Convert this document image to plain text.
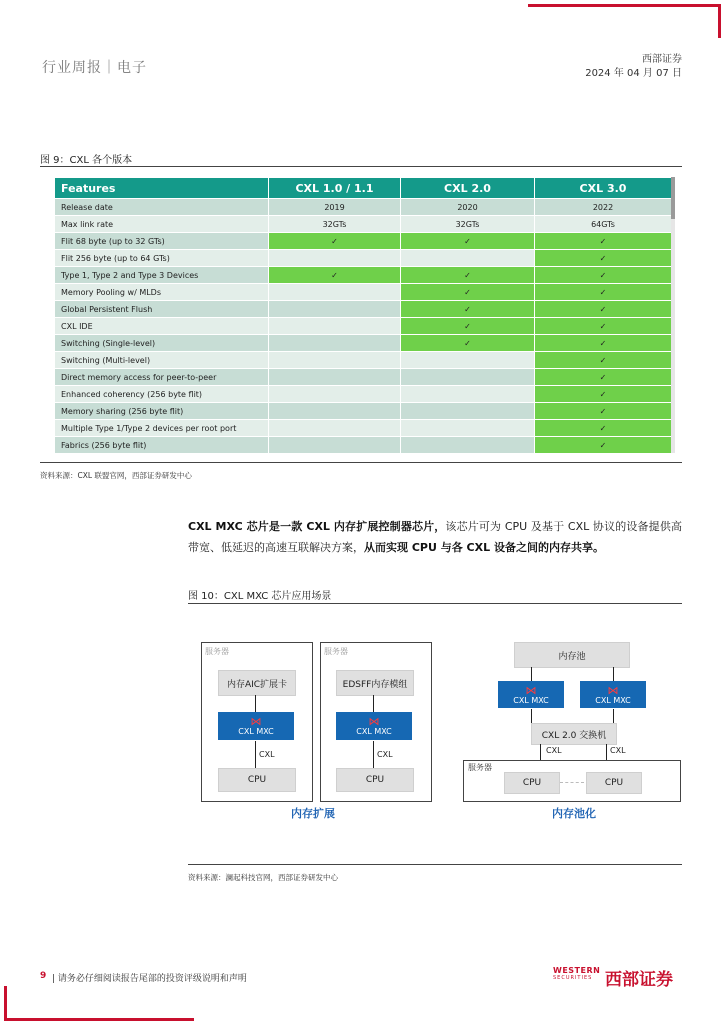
行业周报｜电子
西部证券
2024 年 04 月 07 日
图 9：CXL 各个版本
Features	CXL 1.0 / 1.1	CXL 2.0	CXL 3.0
Release date	2019	2020	2022
Max link rate	32GTs	32GTs	64GTs
Flit 68 byte (up to 32 GTs)	✓	✓	✓
Flit 256 byte (up to 64 GTs)			✓
Type 1, Type 2 and Type 3 Devices	✓	✓	✓
Memory Pooling w/ MLDs		✓	✓
Global Persistent Flush		✓	✓
CXL IDE		✓	✓
Switching (Single-level)		✓	✓
Switching (Multi-level)			✓
Direct memory access for peer-to-peer			✓
Enhanced coherency (256 byte flit)			✓
Memory sharing (256 byte flit)			✓
Multiple Type 1/Type 2 devices per root port			✓
Fabrics (256 byte flit)			✓
资料来源：CXL 联盟官网，西部证券研发中心
CXL MXC 芯片是一款 CXL 内存扩展控制器芯片，该芯片可为 CPU 及基于 CXL 协议的设备提供高带宽、低延迟的高速互联解决方案，从而实现 CPU 与各 CXL 设备之间的内存共享。
图 10：CXL MXC 芯片应用场景
服务器
内存AIC扩展卡
⋈
CXL MXC
CXL
CPU
服务器
EDSFF内存模组
⋈
CXL MXC
CXL
CPU
内存扩展
内存池
⋈
CXL MXC
⋈
CXL MXC
CXL 2.0 交换机
CXL	CXL
服务器
CPU	CPU
内存池化
资料来源：澜起科技官网，西部证券研发中心
9 | 请务必仔细阅读报告尾部的投资评级说明和声明
WESTERN
SECURITIES 西部证券
